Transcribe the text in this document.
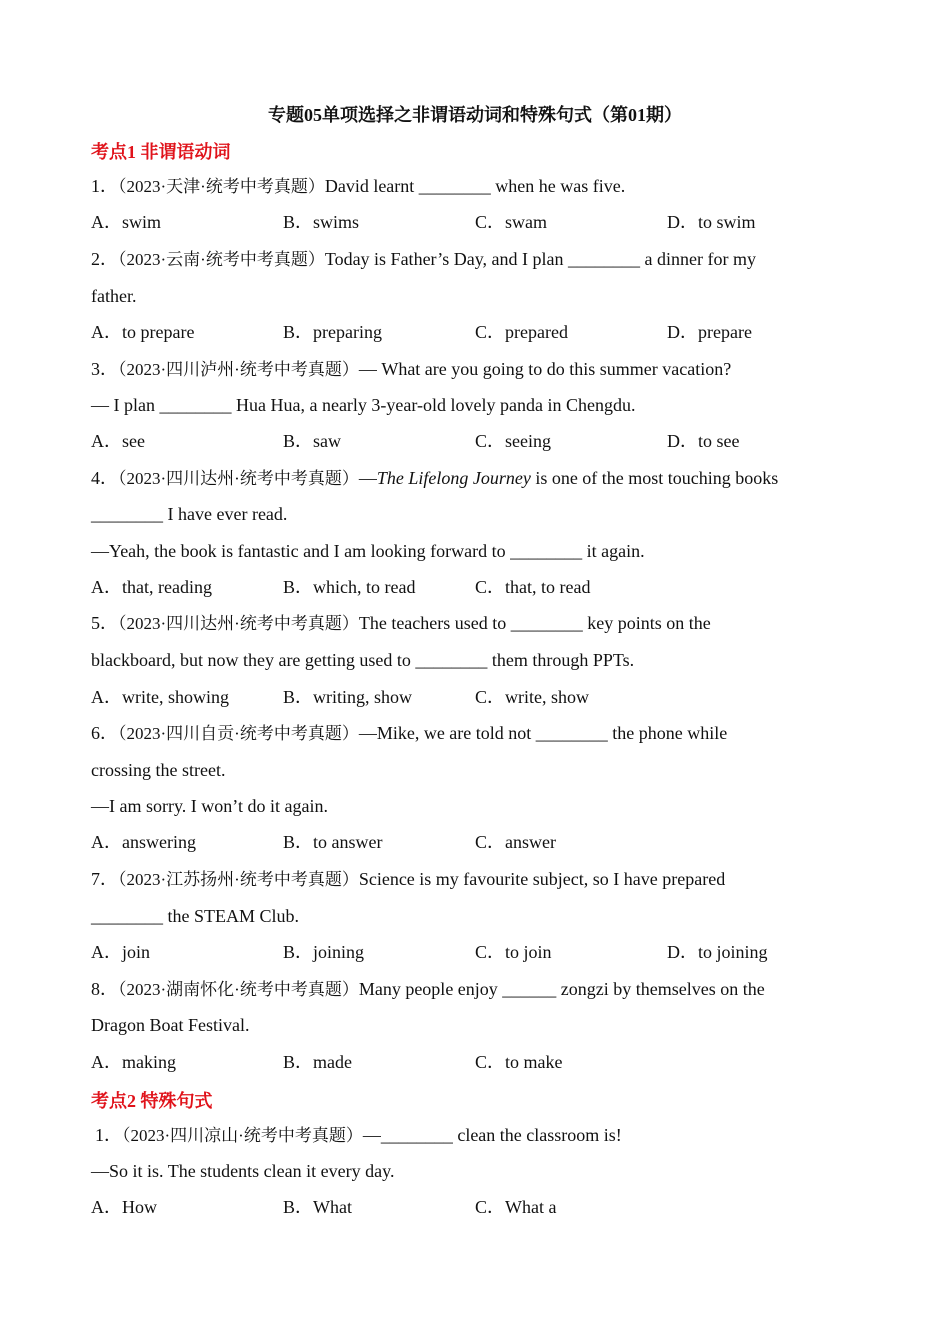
专题05单项选择之非谓语动词和特殊句式（第01期）
考点1 非谓语动词
1．（2023·天津·统考中考真题）David learnt ________ when he was five.
A．swim	B．swims	C．swam	D．to swim
2．（2023·云南·统考中考真题）Today is Father’s Day, and I plan ________ a dinner for my
father.
A．to prepare	B．preparing	C．prepared	D．prepare
3．（2023·四川泸州·统考中考真题）— What are you going to do this summer vacation?
— I plan ________ Hua Hua, a nearly 3-year-old lovely panda in Chengdu.
A．see	B．saw	C．seeing	D．to see
4．（2023·四川达州·统考中考真题）—The Lifelong Journey is one of the most touching books
________ I have ever read.
—Yeah, the book is fantastic and I am looking forward to ________ it again.
A．that, reading	B．which, to read	C．that, to read
5．（2023·四川达州·统考中考真题）The teachers used to ________ key points on the
blackboard, but now they are getting used to ________ them through PPTs.
A．write, showing	B．writing, show	C．write, show
6．（2023·四川自贡·统考中考真题）—Mike, we are told not ________ the phone while
crossing the street.
—I am sorry. I won’t do it again.
A．answering	B．to answer	C．answer
7．（2023·江苏扬州·统考中考真题）Science is my favourite subject, so I have prepared
________ the STEAM Club.
A．join	B．joining	C．to join	D．to joining
8．（2023·湖南怀化·统考中考真题）Many people enjoy ______ zongzi by themselves on the
Dragon Boat Festival.
A．making	B．made	C．to make
考点2 特殊句式
1．（2023·四川凉山·统考中考真题）—________ clean the classroom is!
—So it is. The students clean it every day.
A．How	B．What	C．What a
